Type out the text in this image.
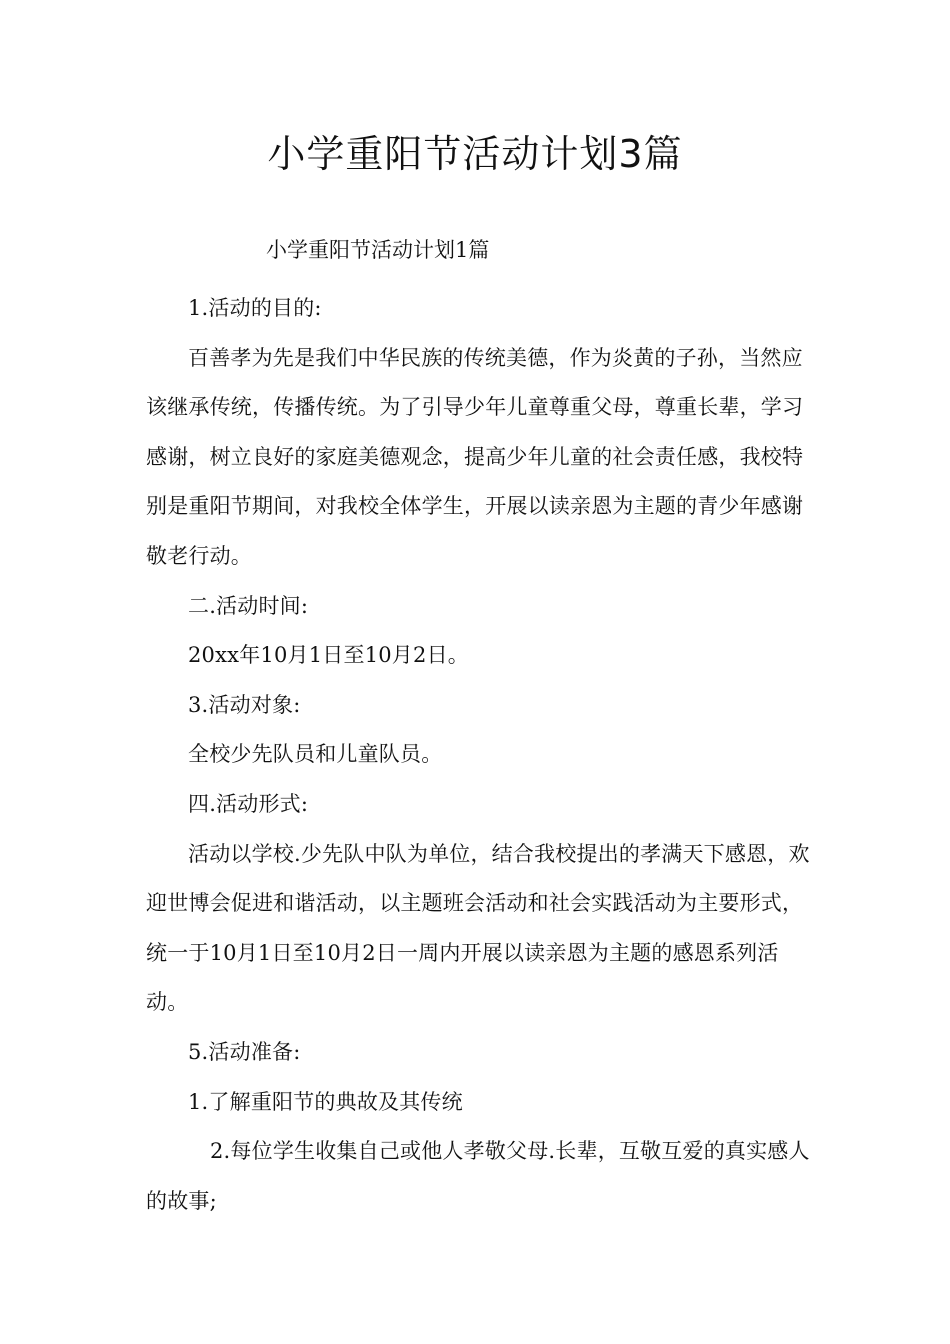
小学重阳节活动计划3篇
小学重阳节活动计划1篇

1.活动的目的:

百善孝为先是我们中华民族的传统美德，作为炎黄的子孙，当然应该继承传统，传播传统。为了引导少年儿童尊重父母，尊重长辈，学习感谢，树立良好的家庭美德观念，提高少年儿童的社会责任感，我校特别是重阳节期间，对我校全体学生，开展以读亲恩为主题的青少年感谢敬老行动。

二.活动时间:

20xx年10月1日至10月2日。

3.活动对象:

全校少先队员和儿童队员。

四.活动形式:

活动以学校.少先队中队为单位，结合我校提出的孝满天下感恩，欢迎世博会促进和谐活动，以主题班会活动和社会实践活动为主要形式，统一于10月1日至10月2日一周内开展以读亲恩为主题的感恩系列活动。

5.活动准备:

1.了解重阳节的典故及其传统

2.每位学生收集自己或他人孝敬父母.长辈，互敬互爱的真实感人的故事;
